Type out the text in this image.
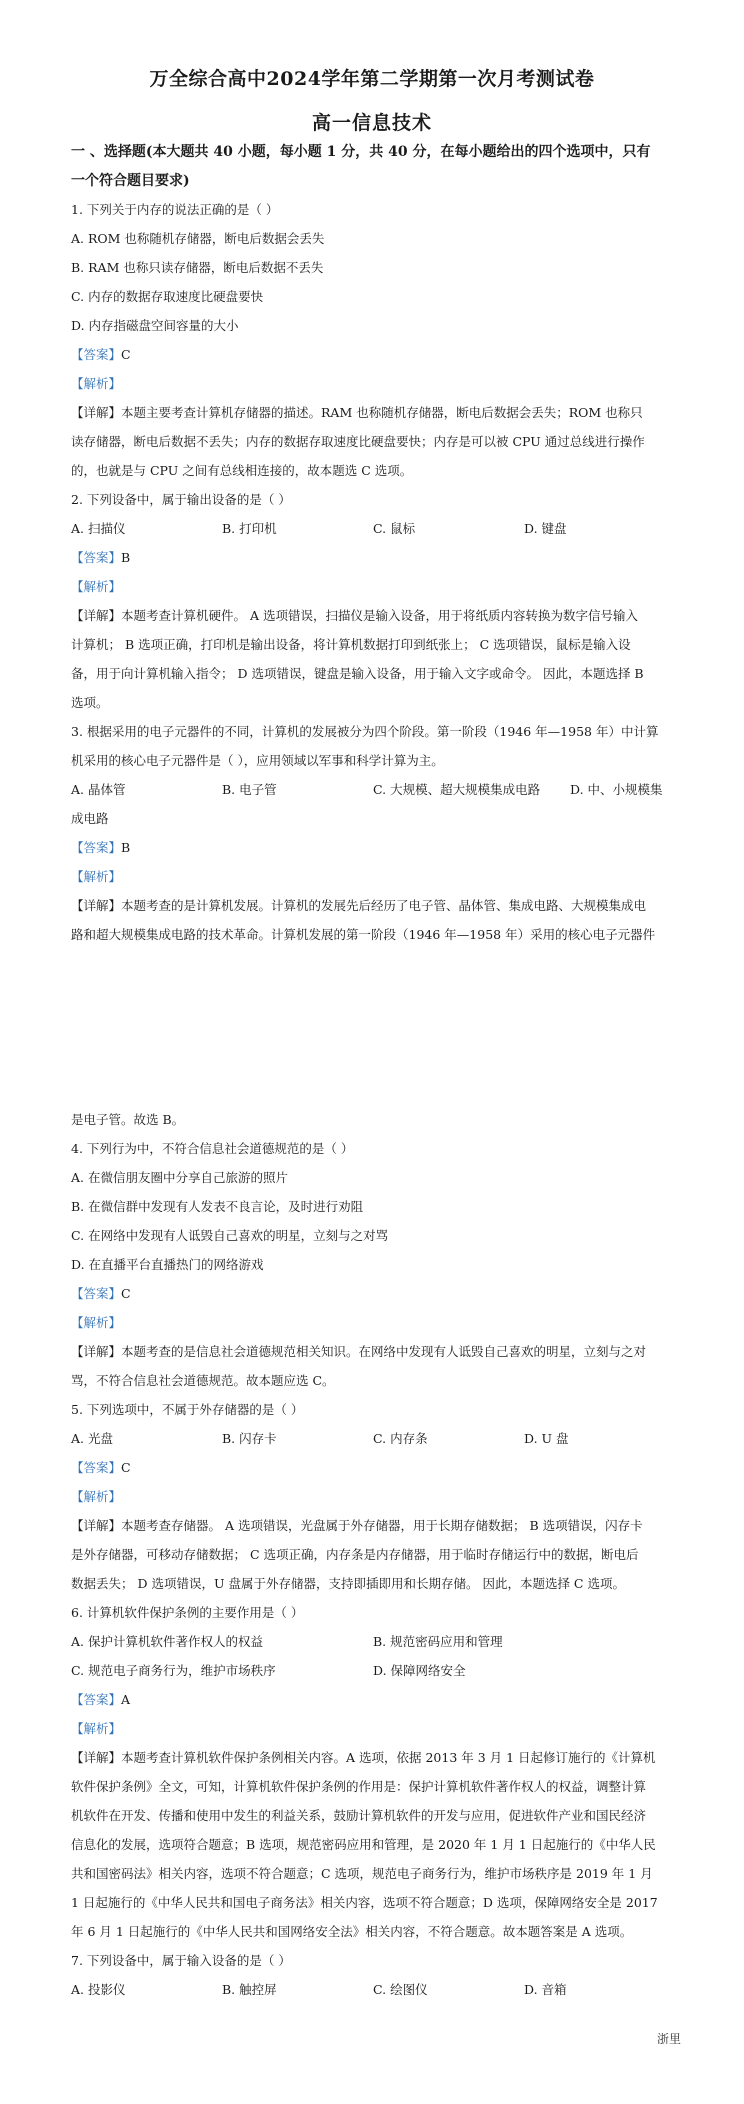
万全综合高中2024学年第二学期第一次月考测试卷
高一信息技术
一 、选择题(本大题共 40 小题，每小题 1 分，共 40 分，在每小题给出的四个选项中，只有
一个符合题目要求)
1. 下列关于内存的说法正确的是（ ）
A. ROM 也称随机存储器，断电后数据会丢失
B. RAM 也称只读存储器，断电后数据不丢失
C. 内存的数据存取速度比硬盘要快
D. 内存指磁盘空间容量的大小
【答案】C
【解析】
【详解】本题主要考查计算机存储器的描述。RAM 也称随机存储器，断电后数据会丢失；ROM 也称只
读存储器，断电后数据不丢失；内存的数据存取速度比硬盘要快；内存是可以被 CPU 通过总线进行操作
的，也就是与 CPU 之间有总线相连接的，故本题选 C 选项。
2. 下列设备中，属于输出设备的是（ ）
A. 扫描仪	B. 打印机	C. 鼠标	D. 键盘
【答案】B
【解析】
【详解】本题考查计算机硬件。 A 选项错误，扫描仪是输入设备，用于将纸质内容转换为数字信号输入
计算机； B 选项正确，打印机是输出设备，将计算机数据打印到纸张上； C 选项错误，鼠标是输入设
备，用于向计算机输入指令； D 选项错误，键盘是输入设备，用于输入文字或命令。 因此，本题选择 B
选项。
3. 根据采用的电子元器件的不同，计算机的发展被分为四个阶段。第一阶段（1946 年—1958 年）中计算
机采用的核心电子元器件是（ ），应用领域以军事和科学计算为主。
A. 晶体管	B. 电子管	C. 大规模、超大规模集成电路 D. 中、小规模集
成电路
【答案】B
【解析】
【详解】本题考查的是计算机发展。计算机的发展先后经历了电子管、晶体管、集成电路、大规模集成电
路和超大规模集成电路的技术革命。计算机发展的第一阶段（1946 年—1958 年）采用的核心电子元器件
是电子管。故选 B。
4. 下列行为中，不符合信息社会道德规范的是（ ）
A. 在微信朋友圈中分享自己旅游的照片
B. 在微信群中发现有人发表不良言论，及时进行劝阻
C. 在网络中发现有人诋毁自己喜欢的明星，立刻与之对骂
D. 在直播平台直播热门的网络游戏
【答案】C
【解析】
【详解】本题考查的是信息社会道德规范相关知识。在网络中发现有人诋毁自己喜欢的明星，立刻与之对
骂，不符合信息社会道德规范。故本题应选 C。
5. 下列选项中，不属于外存储器的是（ ）
A. 光盘	B. 闪存卡	C. 内存条	D. U 盘
【答案】C
【解析】
【详解】本题考查存储器。 A 选项错误，光盘属于外存储器，用于长期存储数据； B 选项错误，闪存卡
是外存储器，可移动存储数据； C 选项正确，内存条是内存储器，用于临时存储运行中的数据，断电后
数据丢失； D 选项错误，U 盘属于外存储器，支持即插即用和长期存储。 因此，本题选择 C 选项。
6. 计算机软件保护条例的主要作用是（ ）
A. 保护计算机软件著作权人的权益	B. 规范密码应用和管理
C. 规范电子商务行为，维护市场秩序	D. 保障网络安全
【答案】A
【解析】
【详解】本题考查计算机软件保护条例相关内容。A 选项，依据 2013 年 3 月 1 日起修订施行的《计算机
软件保护条例》全文，可知，计算机软件保护条例的作用是：保护计算机软件著作权人的权益，调整计算
机软件在开发、传播和使用中发生的利益关系，鼓励计算机软件的开发与应用，促进软件产业和国民经济
信息化的发展，选项符合题意；B 选项，规范密码应用和管理，是 2020 年 1 月 1 日起施行的《中华人民
共和国密码法》相关内容，选项不符合题意；C 选项，规范电子商务行为，维护市场秩序是 2019 年 1 月
1 日起施行的《中华人民共和国电子商务法》相关内容，选项不符合题意；D 选项，保障网络安全是 2017
年 6 月 1 日起施行的《中华人民共和国网络安全法》相关内容，不符合题意。故本题答案是 A 选项。
7. 下列设备中，属于输入设备的是（ ）
A. 投影仪	B. 触控屏	C. 绘图仪	D. 音箱
浙里
